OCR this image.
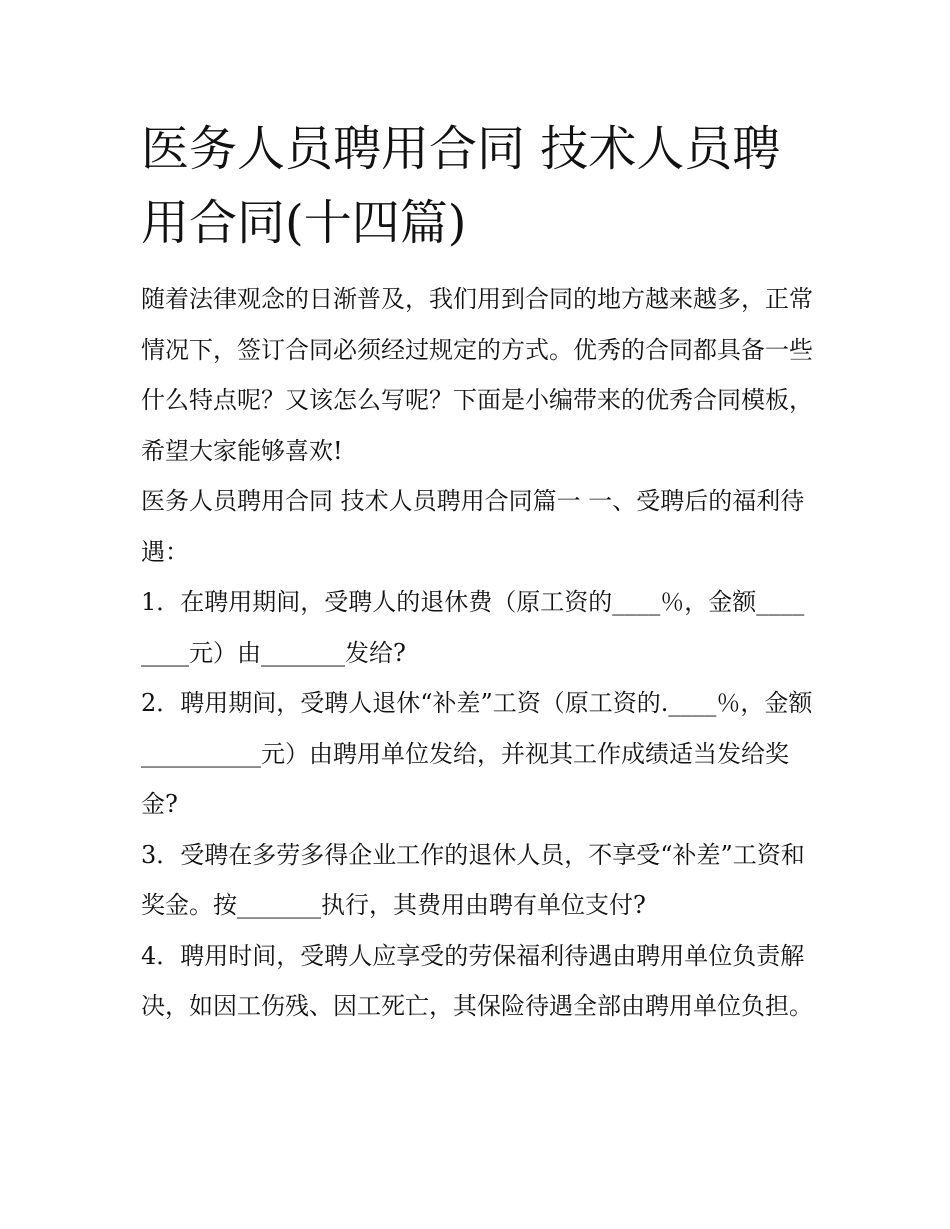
医务人员聘用合同 技术人员聘用合同(十四篇)

随着法律观念的日渐普及，我们用到合同的地方越来越多，正常情况下，签订合同必须经过规定的方式。优秀的合同都具备一些什么特点呢？又该怎么写呢？下面是小编带来的优秀合同模板，希望大家能够喜欢!

医务人员聘用合同 技术人员聘用合同篇一 一、受聘后的福利待遇：

1．在聘用期间，受聘人的退休费（原工资的____％，金额________元）由_______发给?

2．聘用期间，受聘人退休“补差”工资（原工资的.____％，金额__________元）由聘用单位发给，并视其工作成绩适当发给奖金?

3．受聘在多劳多得企业工作的退休人员，不享受“补差”工资和奖金。按_______执行，其费用由聘有单位支付?

4．聘用时间，受聘人应享受的劳保福利待遇由聘用单位负责解决，如因工伤残、因工死亡，其保险待遇全部由聘用单位负担。
